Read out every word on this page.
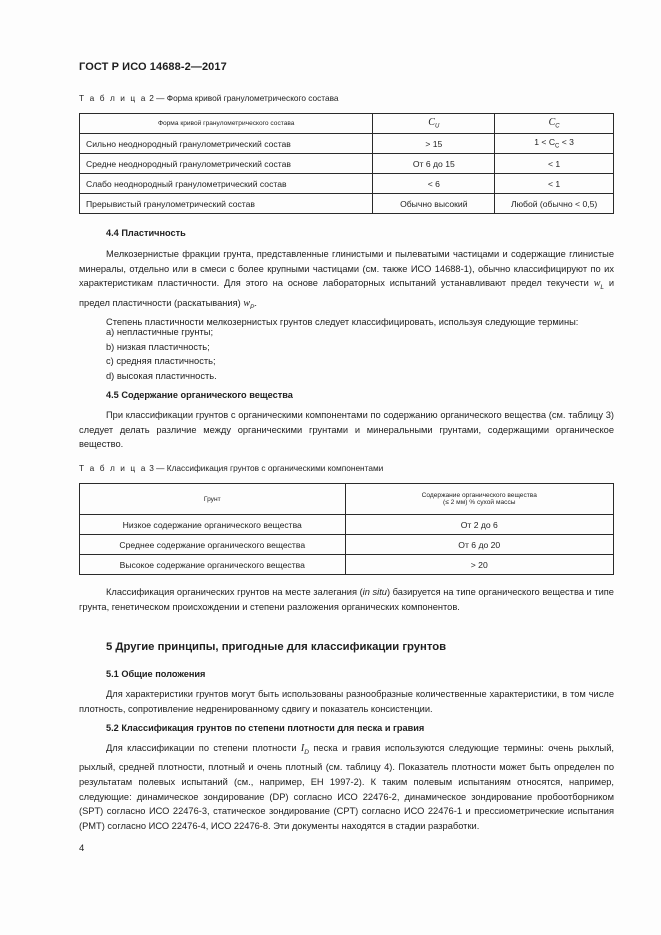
ГОСТ Р ИСО 14688-2—2017
Т а б л и ц а 2 — Форма кривой гранулометрического состава
Форма кривой гранулометрического состава	$C_U$	$C_C$
Сильно неоднородный гранулометрический состав	> 15	$1 < C_C < 3$
Средне неоднородный гранулометрический состав	От 6 до 15	< 1
Слабо неоднородный гранулометрический состав	< 6	< 1
Прерывистый гранулометрический состав	Обычно высокий	Любой (обычно < 0,5)
4.4 Пластичность

Мелкозернистые фракции грунта, представленные глинистыми и пылеватыми частицами и содержащие глинистые минералы, отдельно или в смеси с более крупными частицами (см. также ИСО 14688-1), обычно классифицируют по их характеристикам пластичности. Для этого на основе лабораторных испытаний устанавливают предел текучести $w_L$ и предел пластичности (раскатывания) $w_P$.

Степень пластичности мелкозернистых грунтов следует классифицировать, используя следующие термины:

a) непластичные грунты;
b) низкая пластичность;
c) средняя пластичность;
d) высокая пластичность.
4.5 Содержание органического вещества

При классификации грунтов с органическими компонентами по содержанию органического вещества (см. таблицу 3) следует делать различие между органическими грунтами и минеральными грунтами, содержащими органическое вещество.

Т а б л и ц а 3 — Классификация грунтов с органическими компонентами
Грунт	Содержание органического вещества
(≤ 2 мм) % сухой массы

Низкое содержание органического вещества	От 2 до 6
Среднее содержание органического вещества	От 6 до 20
Высокое содержание органического вещества	> 20

Классификация органических грунтов на месте залегания (in situ) базируется на типе органического вещества и типе грунта, генетическом происхождении и степени разложения органических компонентов.

5 Другие принципы, пригодные для классификации грунтов
5.1 Общие положения

Для характеристики грунтов могут быть использованы разнообразные количественные характеристики, в том числе плотность, сопротивление недренированному сдвигу и показатель консистенции.

5.2 Классификация грунтов по степени плотности для песка и гравия

Для классификации по степени плотности $I_D$ песка и гравия используются следующие термины: очень рыхлый, рыхлый, средней плотности, плотный и очень плотный (см. таблицу 4). Показатель плотности может быть определен по результатам полевых испытаний (см., например, ЕН 1997-2). К таким полевым испытаниям относятся, например, следующие: динамическое зондирование (DP) согласно ИСО 22476-2, динамическое зондирование пробоотборником (SPT) согласно ИСО 22476-3, статическое зондирование (CPT) согласно ИСО 22476-1 и прессиометрические испытания (PMT) согласно ИСО 22476-4, ИСО 22476-8. Эти документы находятся в стадии разработки.

4
